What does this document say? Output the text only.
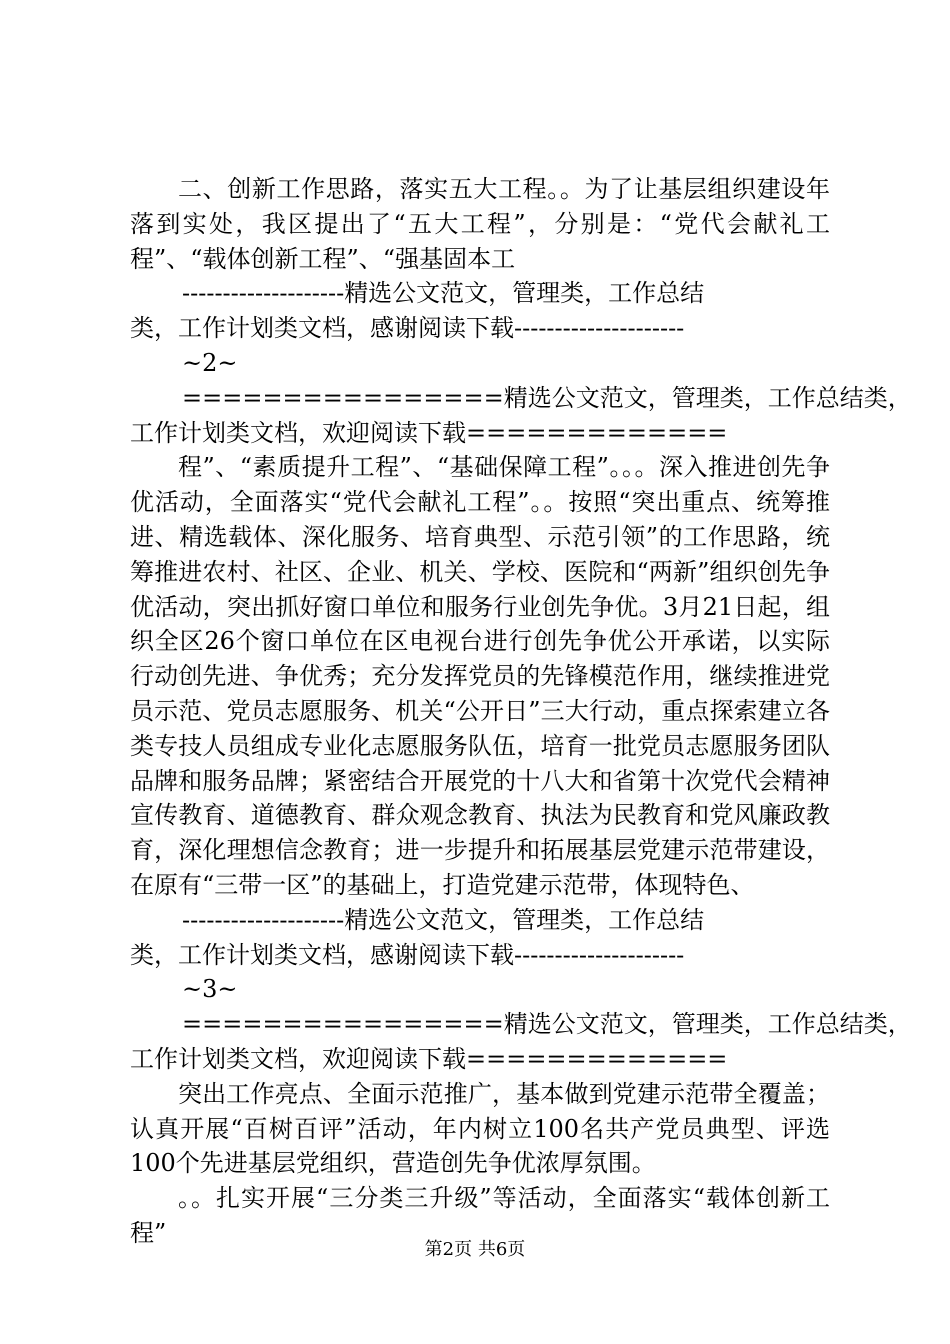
二、创新工作思路，落实五大工程。。为了让基层组织建设年落到实处，我区提出了“五大工程”，分别是：“党代会献礼工程”、“载体创新工程”、“强基固本工

--------------------精选公文范文，管理类，工作总结
类，工作计划类文档，感谢阅读下载---------------------
~2~
================精选公文范文，管理类，工作总结类，
工作计划类文档，欢迎阅读下载=============

程”、“素质提升工程”、“基础保障工程”。。。深入推进创先争优活动，全面落实“党代会献礼工程”。。按照“突出重点、统筹推进、精选载体、深化服务、培育典型、示范引领”的工作思路，统筹推进农村、社区、企业、机关、学校、医院和“两新”组织创先争优活动，突出抓好窗口单位和服务行业创先争优。3月21日起，组织全区26个窗口单位在区电视台进行创先争优公开承诺，以实际行动创先进、争优秀；充分发挥党员的先锋模范作用，继续推进党员示范、党员志愿服务、机关“公开日”三大行动，重点探索建立各类专技人员组成专业化志愿服务队伍，培育一批党员志愿服务团队品牌和服务品牌；紧密结合开展党的十八大和省第十次党代会精神宣传教育、道德教育、群众观念教育、执法为民教育和党风廉政教育，深化理想信念教育；进一步提升和拓展基层党建示范带建设，在原有“三带一区”的基础上，打造党建示范带，体现特色、

--------------------精选公文范文，管理类，工作总结
类，工作计划类文档，感谢阅读下载---------------------
~3~
================精选公文范文，管理类，工作总结类，
工作计划类文档，欢迎阅读下载=============

突出工作亮点、全面示范推广，基本做到党建示范带全覆盖；认真开展“百树百评”活动，年内树立100名共产党员典型、评选100个先进基层党组织，营造创先争优浓厚氛围。

。。扎实开展“三分类三升级”等活动，全面落实“载体创新工程”

第2页 共6页
